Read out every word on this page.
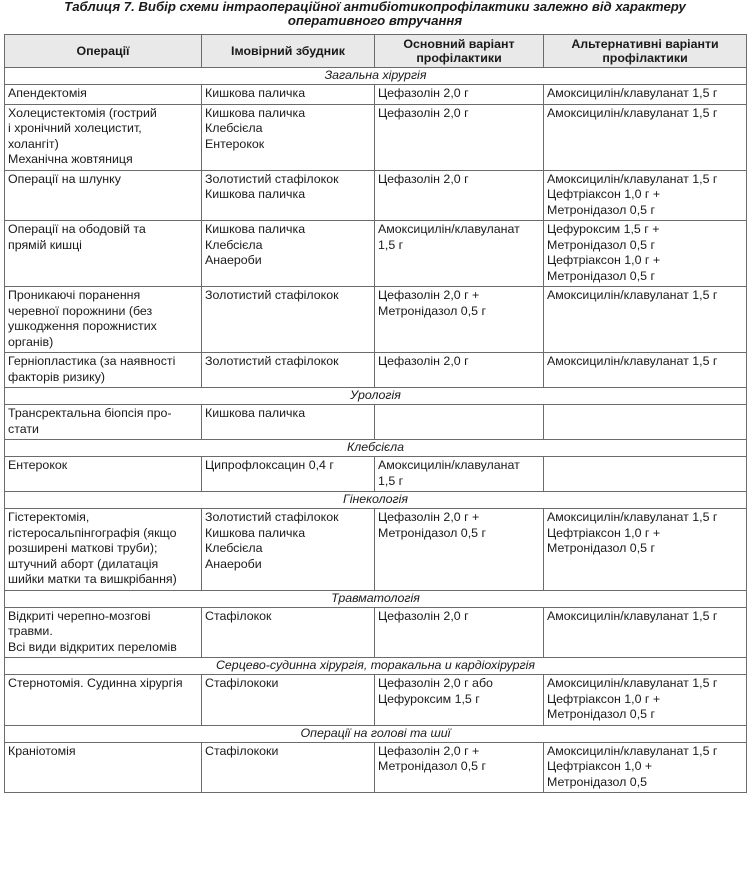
Таблиця 7. Вибір схеми інтраопераційної антибіотикопрофілактики залежно від характеру
оперативного втручання
Операції	Імовірний збудник	Основний варіант профілактики	Альтернативні варіанти профілактики
Загальна хірургія			

Апендектомія	Кишкова паличка	Цефазолін 2,0 г	Амоксицилін/клавуланат 1,5 г

Холецистектомія (гострий
і хронічний холецистит,
холангіт)
Механічна жовтяниця	Кишкова паличка
Клебсієла
Ентерокок	Цефазолін 2,0 г	Амоксицилін/клавуланат 1,5 г

Операції на шлунку	Золотистий стафілокок
Кишкова паличка	Цефазолін 2,0 г	Амоксицилін/клавуланат 1,5 г
Цефтріаксон 1,0 г +
Метронідазол 0,5 г

Операції на ободовій та
прямій кишці	Кишкова паличка
Клебсієла
Анаероби	Амоксицилін/клавуланат
1,5 г	Цефуроксим 1,5 г +
Метронідазол 0,5 г
Цефтріаксон 1,0 г +
Метронідазол 0,5 г

Проникаючі поранення
черевної порожнини (без
ушкодження порожнистих
органів)	Золотистий стафілокок	Цефазолін 2,0 г +
Метронідазол 0,5 г	Амоксицилін/клавуланат 1,5 г

Герніопластика (за наявності
факторів ризику)	Золотистий стафілокок	Цефазолін 2,0 г	Амоксицилін/клавуланат 1,5 г

Урологія			

Трансректальна біопсія про-
стати	Кишкова паличка		

Клебсієла			

Ентерокок	Ципрофлоксацин 0,4 г	Амоксицилін/клавуланат
1,5 г	

Гінекологія			

Гістеректомія,
гістеросальпінгографія (якщо
розширені маткові труби);
штучний аборт (дилатація
шийки матки та вишкрібання)	Золотистий стафілокок
Кишкова паличка
Клебсієла
Анаероби	Цефазолін 2,0 г +
Метронідазол 0,5 г	Амоксицилін/клавуланат 1,5 г
Цефтріаксон 1,0 г +
Метронідазол 0,5 г

Травматологія			

Відкриті черепно-мозгові
травми.
Всі види відкритих переломів	Стафілокок	Цефазолін 2,0 г	Амоксицилін/клавуланат 1,5 г

Серцево-судинна хірургія, торакальна и кардіохірургія			

Стернотомія. Судинна хірургія	Стафілококи	Цефазолін 2,0 г або
Цефуроксим 1,5 г	Амоксицилін/клавуланат 1,5 г
Цефтріаксон 1,0 г +
Метронідазол 0,5 г

Операції на голові та шиї			

Краніотомія	Стафілококи	Цефазолін 2,0 г +
Метронідазол 0,5 г	Амоксицилін/клавуланат 1,5 г
Цефтріаксон 1,0 +
Метронідазол 0,5
